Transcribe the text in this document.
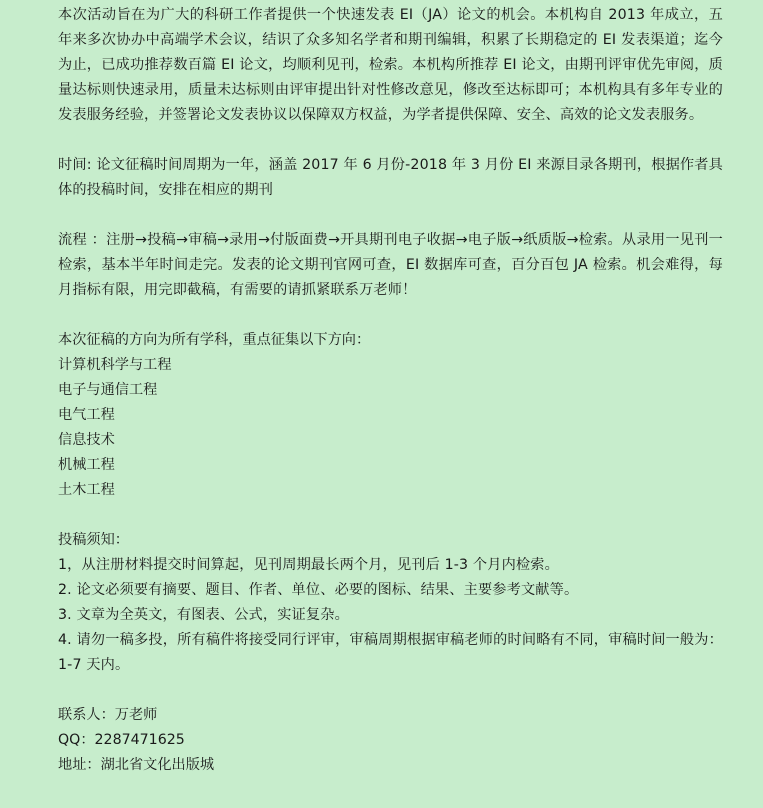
本次活动旨在为广大的科研工作者提供一个快速发表 EI（JA）论文的机会。本机构自 2013 年成立，五年来多次协办中高端学术会议，结识了众多知名学者和期刊编辑，积累了长期稳定的 EI 发表渠道；迄今为止，已成功推荐数百篇 EI 论文，均顺利见刊，检索。本机构所推荐 EI 论文，由期刊评审优先审阅，质量达标则快速录用，质量未达标则由评审提出针对性修改意见，修改至达标即可；本机构具有多年专业的发表服务经验，并签署论文发表协议以保障双方权益，为学者提供保障、安全、高效的论文发表服务。

时间: 论文征稿时间周期为一年，涵盖 2017 年 6 月份-2018 年 3 月份 EI 来源目录各期刊，根据作者具体的投稿时间，安排在相应的期刊

流程 ：注册→投稿→审稿→录用→付版面费→开具期刊电子收据→电子版→纸质版→检索。从录用一见刊一检索，基本半年时间走完。发表的论文期刊官网可查，EI 数据库可查，百分百包 JA 检索。机会难得，每月指标有限，用完即截稿，有需要的请抓紧联系万老师！

本次征稿的方向为所有学科，重点征集以下方向：

计算机科学与工程

电子与通信工程

电气工程

信息技术

机械工程

土木工程

投稿须知：

1，从注册材料提交时间算起，见刊周期最长两个月，见刊后 1-3 个月内检索。

2. 论文必须要有摘要、题目、作者、单位、必要的图标、结果、主要参考文献等。

3. 文章为全英文，有图表、公式，实证复杂。

4. 请勿一稿多投，所有稿件将接受同行评审，审稿周期根据审稿老师的时间略有不同，审稿时间一般为：1-7 天内。

联系人：万老师

QQ：2287471625

地址：湖北省文化出版城
